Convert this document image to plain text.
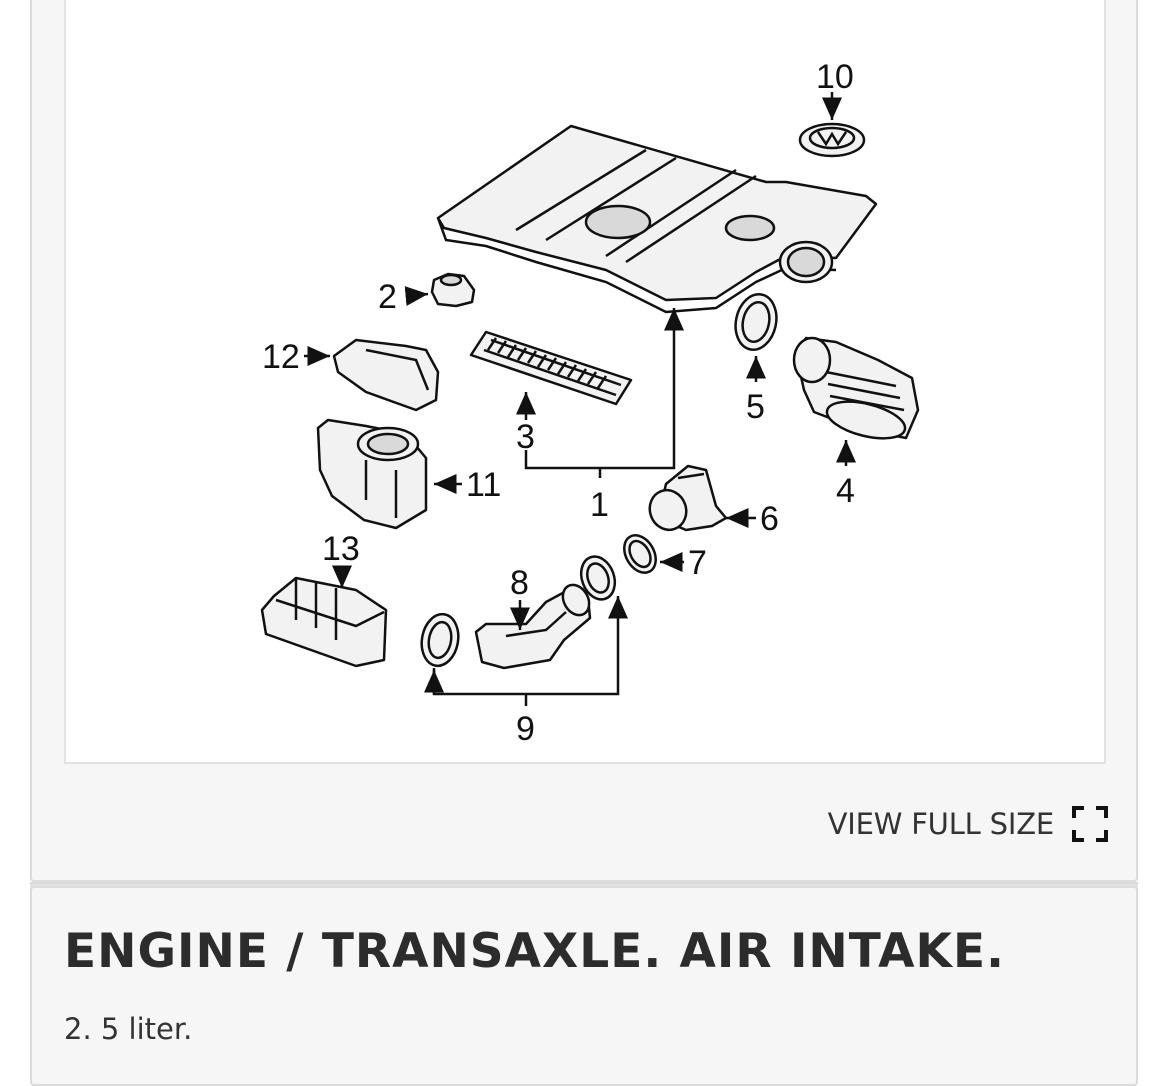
10
2
12
3
1
5
4
6
7
8
11
13
9
VIEW FULL SIZE
ENGINE / TRANSAXLE. AIR INTAKE.

2. 5 liter.
